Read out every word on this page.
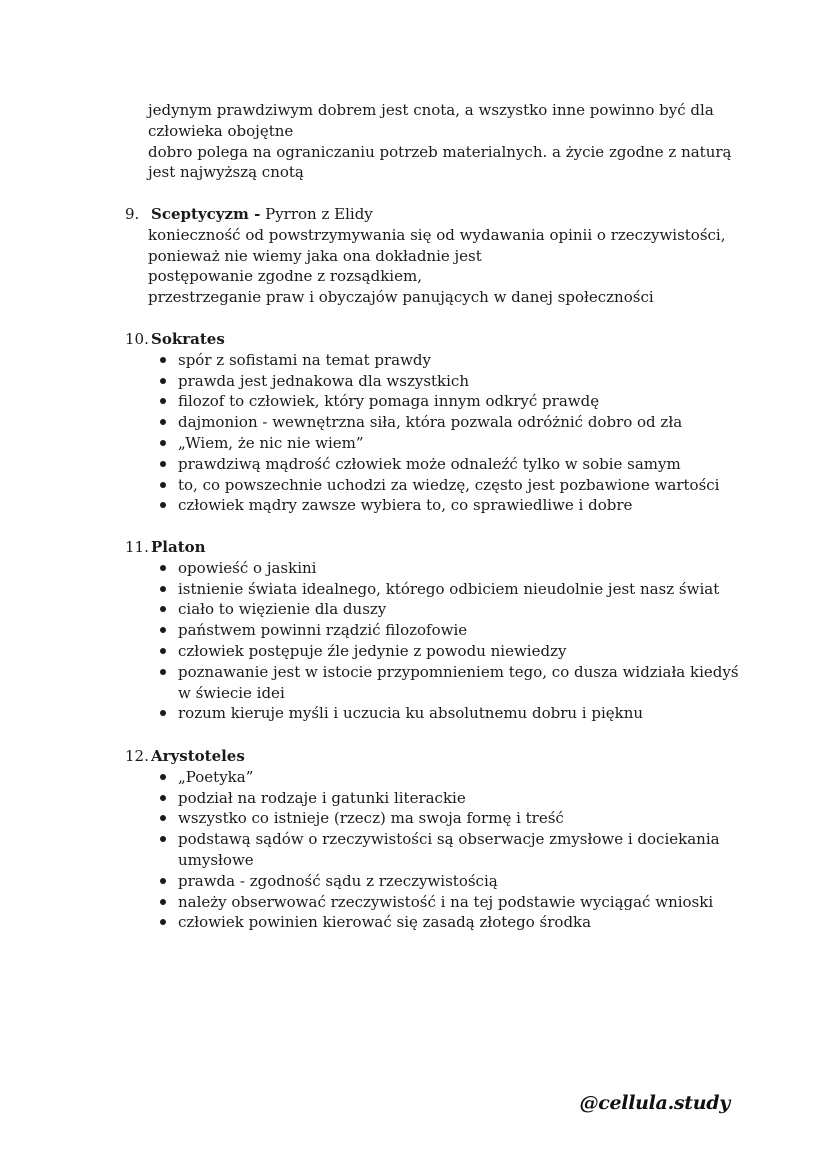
jedynym prawdziwym dobrem jest cnota, a wszystko inne powinno być dla człowieka obojętne

dobro polega na ograniczaniu potrzeb materialnych. a życie zgodne z naturą jest najwyższą cnotą

9. Sceptycyzm - Pyrron z Elidy

konieczność od powstrzymywania się od wydawania opinii o rzeczywistości, ponieważ nie wiemy jaka ona dokładnie jest

postępowanie zgodne z rozsądkiem,

przestrzeganie praw i obyczajów panujących w danej społeczności

10. Sokrates
spór z sofistami na temat prawdy
prawda jest jednakowa dla wszystkich
filozof to człowiek, który pomaga innym odkryć prawdę
dajmonion - wewnętrzna siła, która pozwala odróżnić dobro od zła
„Wiem, że nic nie wiem”
prawdziwą mądrość człowiek może odnaleźć tylko w sobie samym
to, co powszechnie uchodzi za wiedzę, często jest pozbawione wartości
człowiek mądry zawsze wybiera to, co sprawiedliwe i dobre
11. Platon
opowieść o jaskini
istnienie świata idealnego, którego odbiciem nieudolnie jest nasz świat
ciało to więzienie dla duszy
państwem powinni rządzić filozofowie
człowiek postępuje źle jedynie z powodu niewiedzy
poznawanie jest w istocie przypomnieniem tego, co dusza widziała kiedyś w świecie idei
rozum kieruje myśli i uczucia ku absolutnemu dobru i pięknu
12. Arystoteles
„Poetyka”
podział na rodzaje i gatunki literackie
wszystko co istnieje (rzecz) ma swoja formę i treść
podstawą sądów o rzeczywistości są obserwacje zmysłowe i dociekania umysłowe
prawda - zgodność sądu z rzeczywistością
należy obserwować rzeczywistość i na tej podstawie wyciągać wnioski
człowiek powinien kierować się zasadą złotego środka
@cellula.study
